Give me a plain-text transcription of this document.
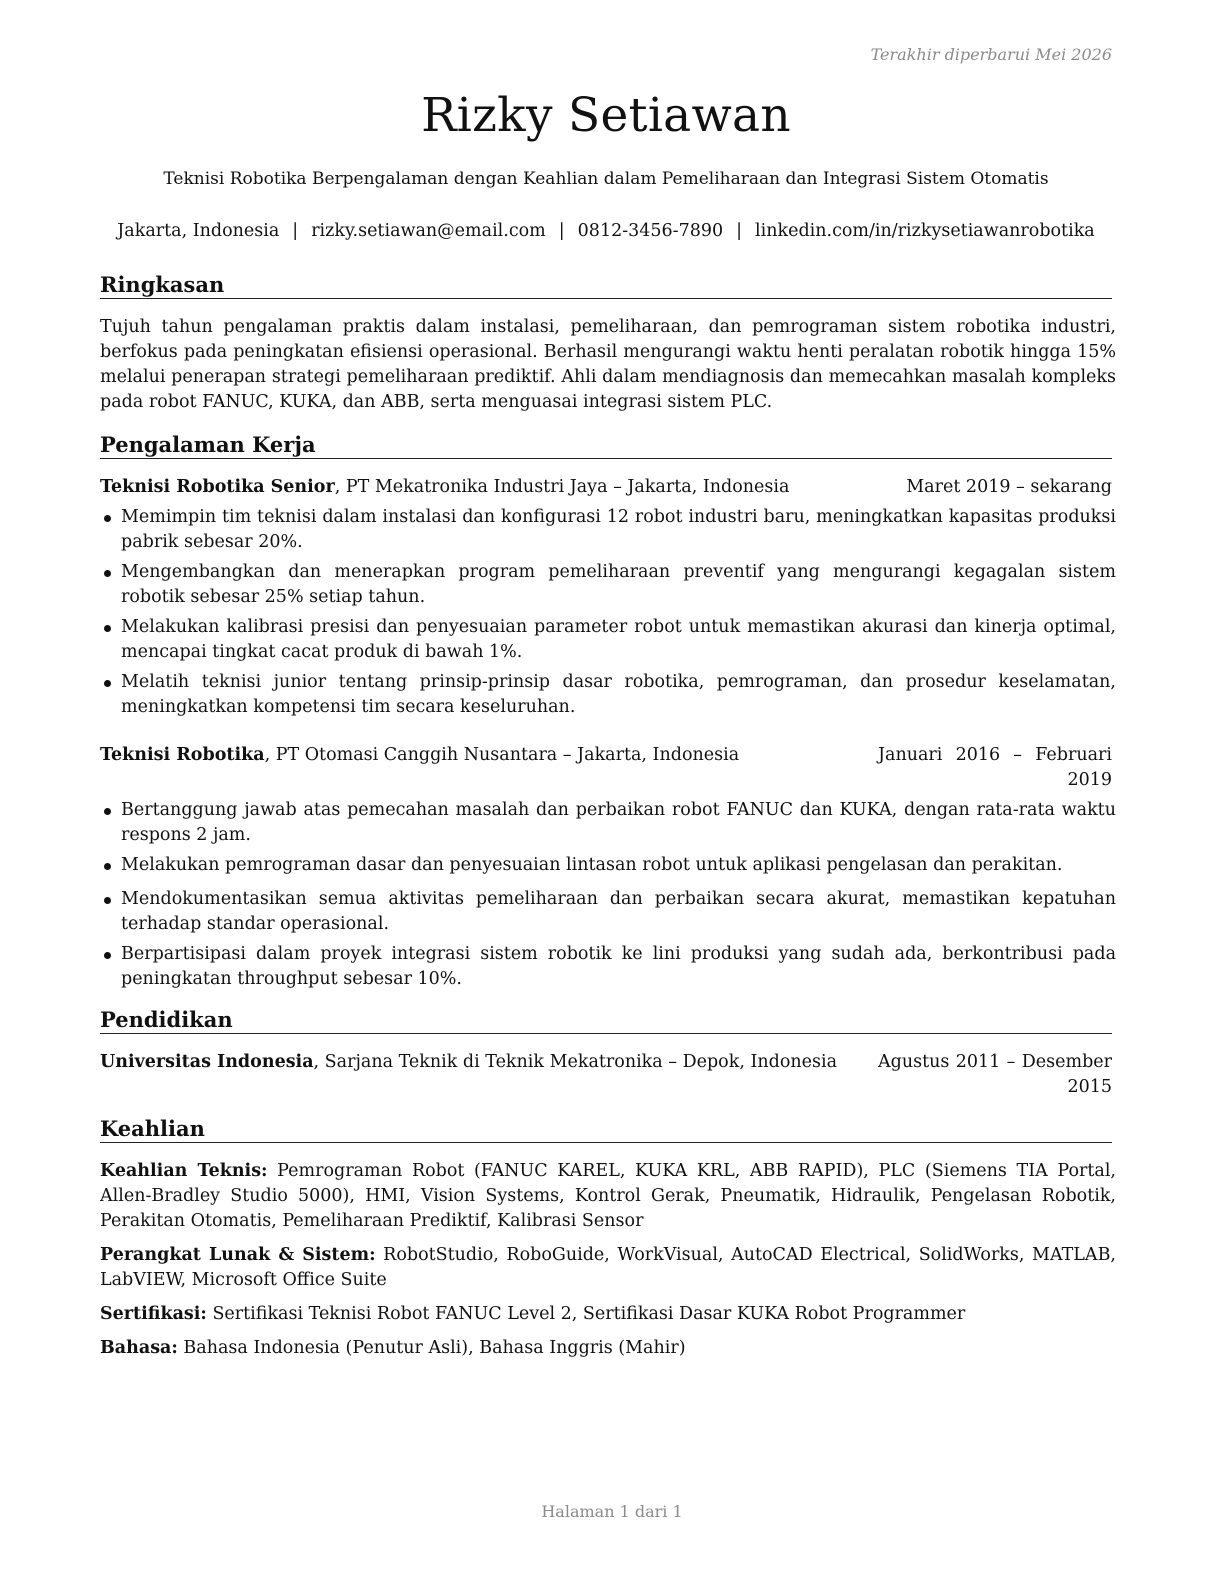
Terakhir diperbarui Mei 2026
Rizky Setiawan
Teknisi Robotika Berpengalaman dengan Keahlian dalam Pemeliharaan dan Integrasi Sistem Otomatis
Jakarta, Indonesia | rizky.setiawan@email.com | 0812-3456-7890 | linkedin.com/in/rizkysetiawanrobotika
Ringkasan
Tujuh tahun pengalaman praktis dalam instalasi, pemeliharaan, dan pemrograman sistem robotika industri, berfokus pada peningkatan efisiensi operasional. Berhasil mengurangi waktu henti peralatan robotik hingga 15% melalui penerapan strategi pemeliharaan prediktif. Ahli dalam mendiagnosis dan memecahkan masalah kompleks pada robot FANUC, KUKA, dan ABB, serta menguasai integrasi sistem PLC.
Pengalaman Kerja
Teknisi Robotika Senior, PT Mekatronika Industri Jaya – Jakarta, Indonesia	Maret 2019 – sekarang
Memimpin tim teknisi dalam instalasi dan konfigurasi 12 robot industri baru, meningkatkan kapasitas produksi pabrik sebesar 20%.
Mengembangkan dan menerapkan program pemeliharaan preventif yang mengurangi kegagalan sistem robotik sebesar 25% setiap tahun.
Melakukan kalibrasi presisi dan penyesuaian parameter robot untuk memastikan akurasi dan kinerja optimal, mencapai tingkat cacat produk di bawah 1%.
Melatih teknisi junior tentang prinsip-prinsip dasar robotika, pemrograman, dan prosedur keselamatan, meningkatkan kompetensi tim secara keseluruhan.
Teknisi Robotika, PT Otomasi Canggih Nusantara – Jakarta, Indonesia	Januari 2016 – Februari 2019
Bertanggung jawab atas pemecahan masalah dan perbaikan robot FANUC dan KUKA, dengan rata-rata waktu respons 2 jam.
Melakukan pemrograman dasar dan penyesuaian lintasan robot untuk aplikasi pengelasan dan perakitan.
Mendokumentasikan semua aktivitas pemeliharaan dan perbaikan secara akurat, memastikan kepatuhan terhadap standar operasional.
Berpartisipasi dalam proyek integrasi sistem robotik ke lini produksi yang sudah ada, berkontribusi pada peningkatan throughput sebesar 10%.
Pendidikan
Universitas Indonesia, Sarjana Teknik di Teknik Mekatronika – Depok, Indonesia Agustus 2011 – Desember 2015
Keahlian
Keahlian Teknis: Pemrograman Robot (FANUC KAREL, KUKA KRL, ABB RAPID), PLC (Siemens TIA Portal, Allen-Bradley Studio 5000), HMI, Vision Systems, Kontrol Gerak, Pneumatik, Hidraulik, Pengelasan Robotik, Perakitan Otomatis, Pemeliharaan Prediktif, Kalibrasi Sensor
Perangkat Lunak & Sistem: RobotStudio, RoboGuide, WorkVisual, AutoCAD Electrical, SolidWorks, MATLAB, LabVIEW, Microsoft Office Suite
Sertifikasi: Sertifikasi Teknisi Robot FANUC Level 2, Sertifikasi Dasar KUKA Robot Programmer
Bahasa: Bahasa Indonesia (Penutur Asli), Bahasa Inggris (Mahir)
Halaman 1 dari 1
